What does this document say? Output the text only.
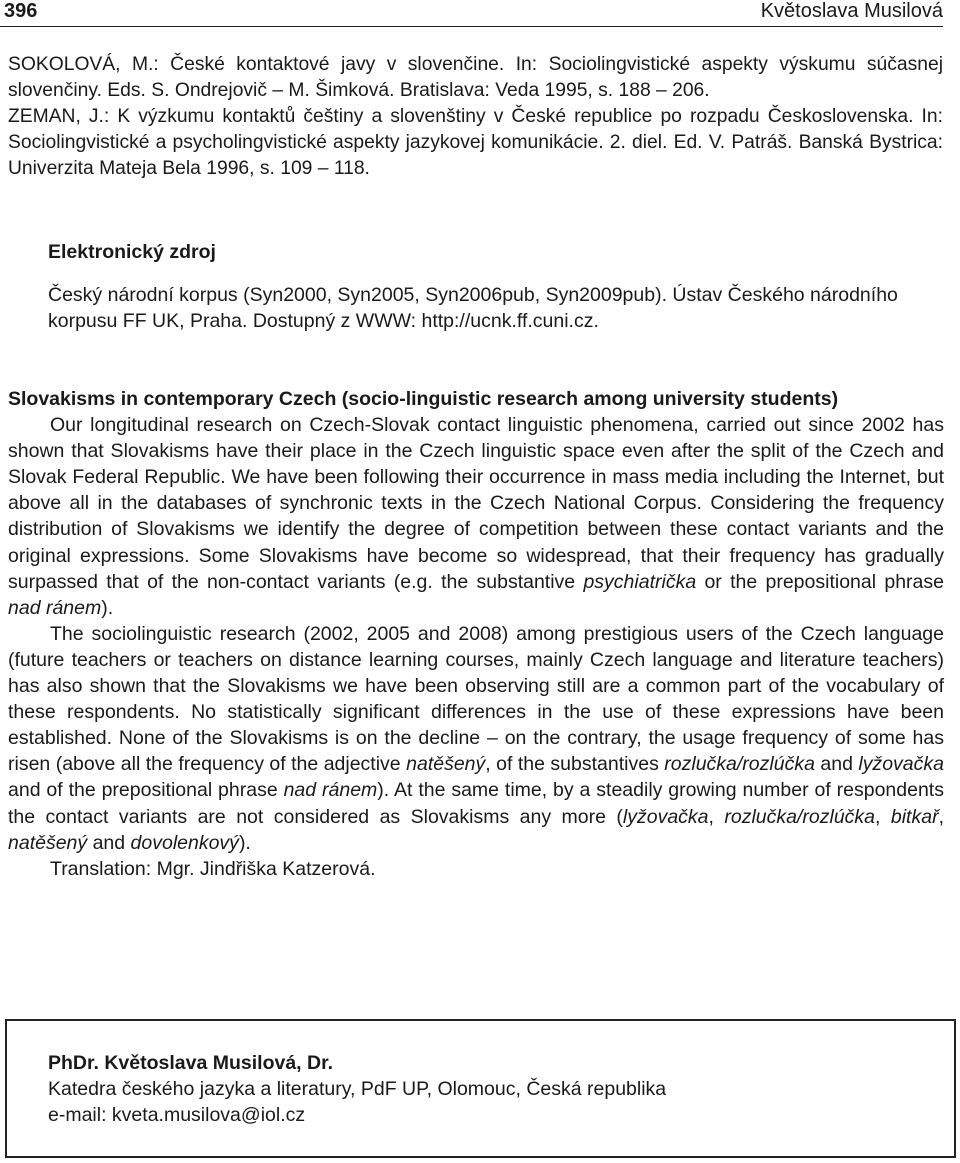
396	Květoslava Musilová

SOKOLOVÁ, M.: České kontaktové javy v slovenčine. In: Sociolingvistické aspekty výskumu súčasnej slovenčiny. Eds. S. Ondrejovič – M. Šimková. Bratislava: Veda 1995, s. 188 – 206.

ZEMAN, J.: K výzkumu kontaktů češtiny a slovenštiny v České republice po rozpadu Československa. In: Sociolingvistické a psycholingvistické aspekty jazykovej komunikácie. 2. diel. Ed. V. Patráš. Banská Bystrica: Univerzita Mateja Bela 1996, s. 109 – 118.

Elektronický zdroj

Český národní korpus (Syn2000, Syn2005, Syn2006pub, Syn2009pub). Ústav Českého národního korpusu FF UK, Praha. Dostupný z WWW: http://ucnk.ff.cuni.cz.

Slovakisms in contemporary Czech (socio-linguistic research among university students)

Our longitudinal research on Czech-Slovak contact linguistic phenomena, carried out since 2002 has shown that Slovakisms have their place in the Czech linguistic space even after the split of the Czech and Slovak Federal Republic. We have been following their occurrence in mass media including the Internet, but above all in the databases of synchronic texts in the Czech National Corpus. Considering the frequency distribution of Slovakisms we identify the degree of competition between these contact variants and the original expressions. Some Slovakisms have become so widespread, that their frequency has gradually surpassed that of the non-contact variants (e.g. the substantive psychiatrička or the prepositional phrase nad ránem).

The sociolinguistic research (2002, 2005 and 2008) among prestigious users of the Czech language (future teachers or teachers on distance learning courses, mainly Czech language and literature teachers) has also shown that the Slovakisms we have been observing still are a common part of the vocabulary of these respondents. No statistically significant differences in the use of these expressions have been established. None of the Slovakisms is on the decline – on the contrary, the usage frequency of some has risen (above all the frequency of the adjective natěšený, of the substantives rozlučka/rozlúčka and lyžovačka and of the prepositional phrase nad ránem). At the same time, by a steadily growing number of respondents the contact variants are not considered as Slovakisms any more (lyžovačka, rozlučka/rozlúčka, bitkař, natěšený and dovolenkový).

Translation: Mgr. Jindřiška Katzerová.

PhDr. Květoslava Musilová, Dr.

Katedra českého jazyka a literatury, PdF UP, Olomouc, Česká republika

e-mail: kveta.musilova@iol.cz
